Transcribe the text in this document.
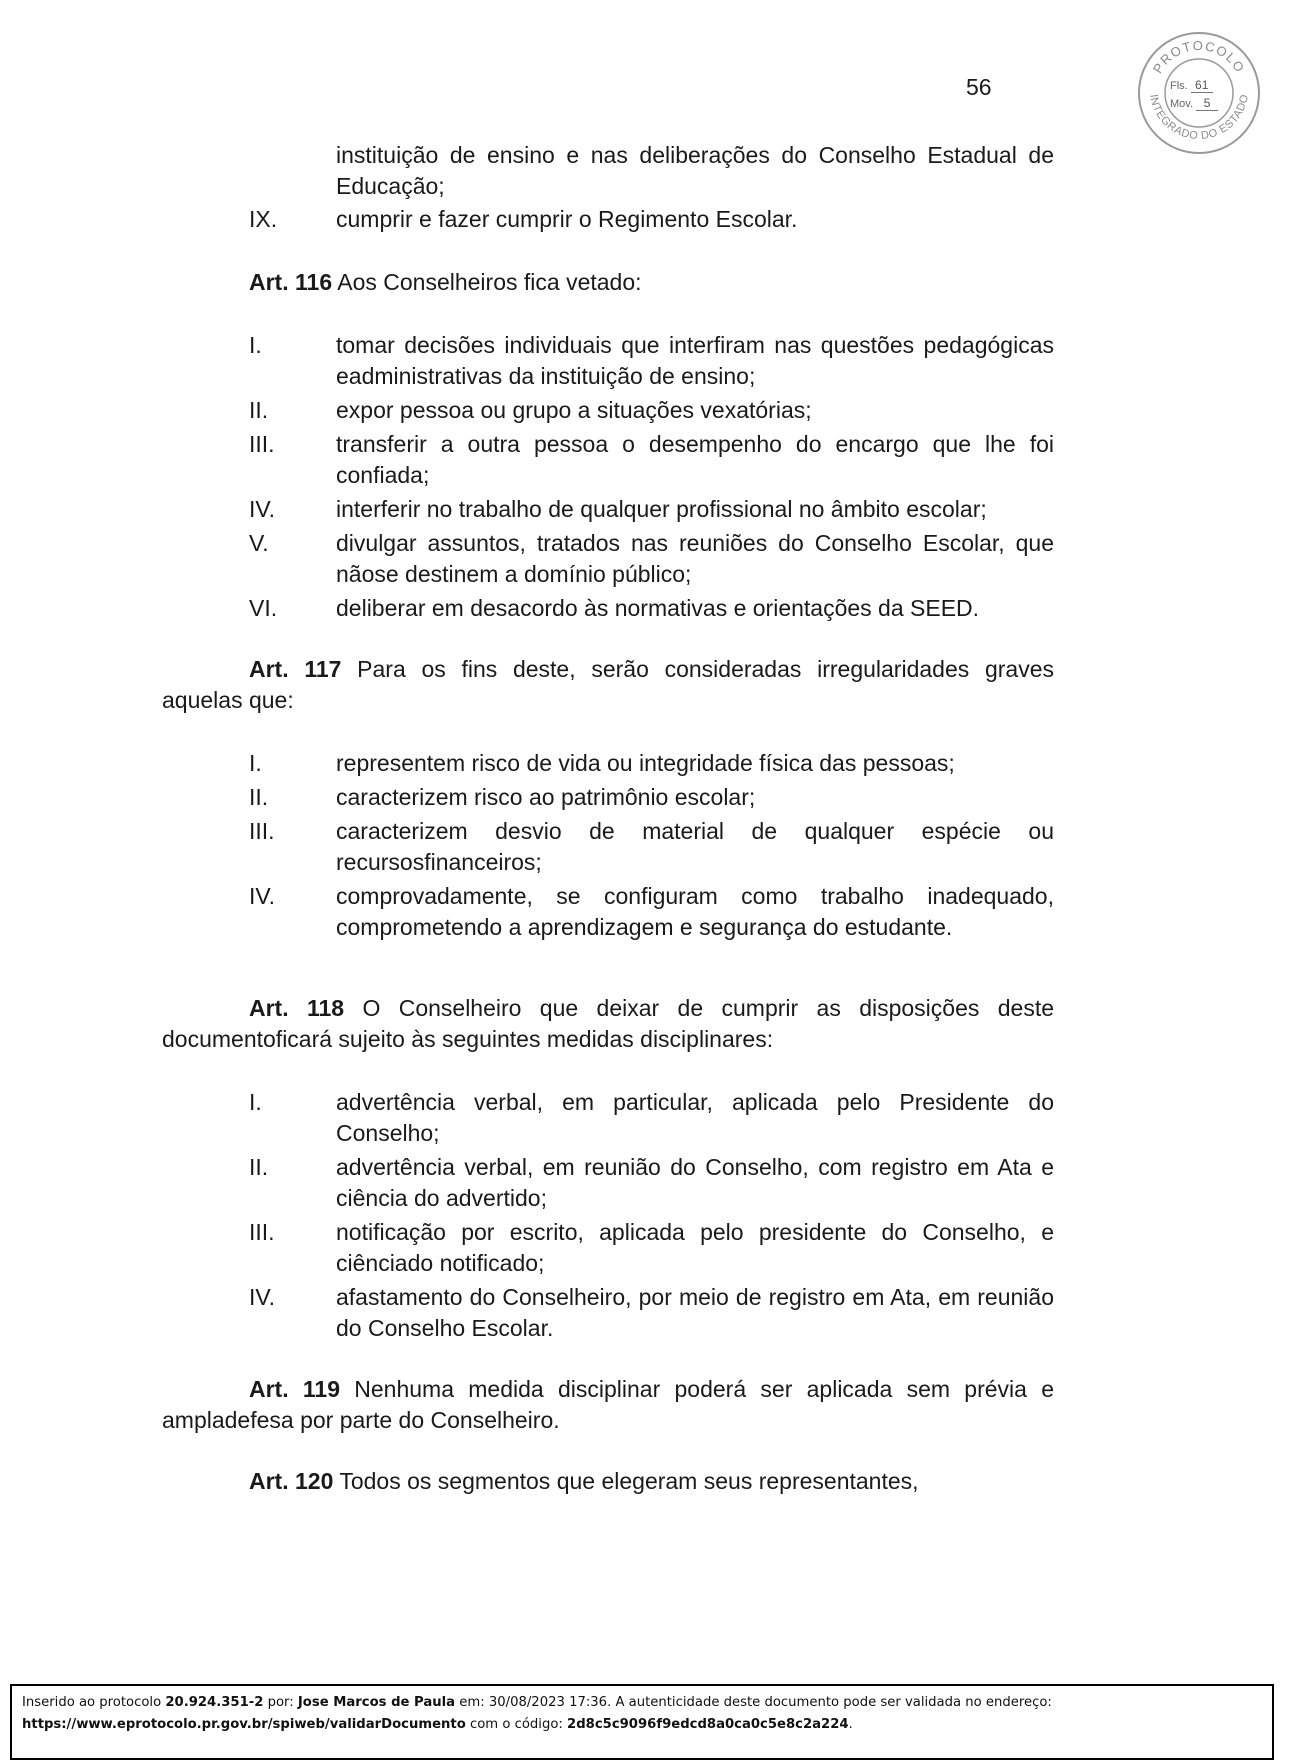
56
PROTOCOLO
INTEGRADO DO ESTADO
Fls. 61
Mov. 5
instituição de ensino e nas deliberações do Conselho Estadual de Educação;
IX.	cumprir e fazer cumprir o Regimento Escolar.

Art. 116 Aos Conselheiros fica vetado:

I.	tomar decisões individuais que interfiram nas questões pedagógicas eadministrativas da instituição de ensino;
II.	expor pessoa ou grupo a situações vexatórias;
III.	transferir a outra pessoa o desempenho do encargo que lhe foi confiada;
IV.	interferir no trabalho de qualquer profissional no âmbito escolar;
V.	divulgar assuntos, tratados nas reuniões do Conselho Escolar, que nãose destinem a domínio público;
VI.	deliberar em desacordo às normativas e orientações da SEED.

Art. 117 Para os fins deste, serão consideradas irregularidades graves aquelas que:

I.	representem risco de vida ou integridade física das pessoas;
II.	caracterizem risco ao patrimônio escolar;
III.	caracterizem desvio de material de qualquer espécie ou recursosfinanceiros;
IV.	comprovadamente, se configuram como trabalho inadequado, comprometendo a aprendizagem e segurança do estudante.

Art. 118 O Conselheiro que deixar de cumprir as disposições deste documentoficará sujeito às seguintes medidas disciplinares:

I.	advertência verbal, em particular, aplicada pelo Presidente do Conselho;
II.	advertência verbal, em reunião do Conselho, com registro em Ata e ciência do advertido;
III.	notificação por escrito, aplicada pelo presidente do Conselho, e ciênciado notificado;
IV.	afastamento do Conselheiro, por meio de registro em Ata, em reunião do Conselho Escolar.

Art. 119 Nenhuma medida disciplinar poderá ser aplicada sem prévia e ampladefesa por parte do Conselheiro.

Art. 120 Todos os segmentos que elegeram seus representantes,

Inserido ao protocolo 20.924.351-2 por: Jose Marcos de Paula em: 30/08/2023 17:36. A autenticidade deste documento pode ser validada no endereço:
https://www.eprotocolo.pr.gov.br/spiweb/validarDocumento com o código: 2d8c5c9096f9edcd8a0ca0c5e8c2a224.
